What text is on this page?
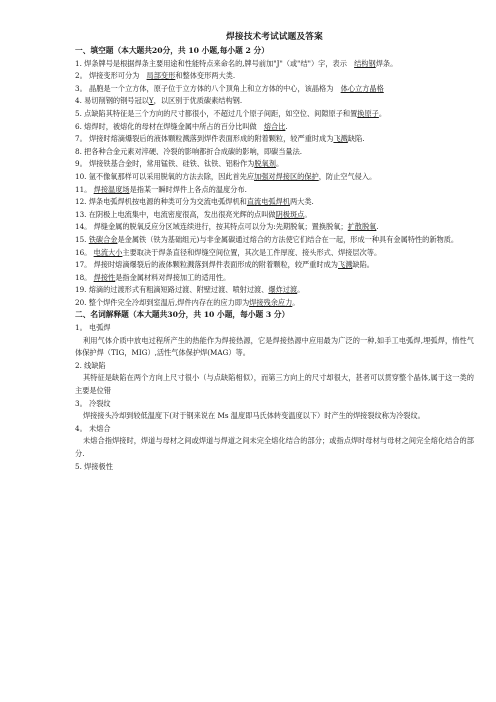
焊接技术考试试题及答案
一、填空题（本大题共20分，共 10 小题,每小题 2 分）
1. 焊条牌号是根据焊条主要用途和性能特点来命名的,牌号前加"J"（或"结"）字，表示　结构钢焊条。
2。 焊接变形可分为　局部变形和整体变形两大类.
3。 晶胞是一个立方体，原子位于立方体的八个顶角上和立方体的中心，该晶格为　体心立方晶格
4. 易切削钢的钢号冠以Y，以区别于优质碳素结构钢.
5. 点缺陷其特征是三个方向的尺寸都很小，不超过几个原子间距，如空位、间隙原子和置换原子。
6. 熔焊时，被熔化的母材在焊缝金属中所占的百分比叫做　熔合比.
7。 焊接时熔滴爆裂后的液体颗粒溅落到焊件表面形成的附着颗粒，较严重时成为飞溅缺陷.
8. 把各种合金元素对淬硬、冷裂的影响都折合成碳的影响，即碳当量法.
9。 焊接铁基合金时，常用锰铁、硅铁、钛铁、铝粉作为脱氧剂。
10. 氩不像氧那样可以采用脱氧的方法去除，因此首先应加强对焊接区的保护，防止空气侵入。
11。 焊接温度场是指某一瞬时焊件上各点的温度分布.
12. 焊条电弧焊机按电源的种类可分为交流电弧焊机和直流电弧焊机两大类.
13. 在阴极上电流集中，电流密度很高，发出很亮光辉的点叫做阴极斑点。
14。 焊缝金属的脱氧反应分区域连续进行，按其特点可以分为:先期脱氧；置换脱氧；扩散脱氧.
15. 铁碳合金是金属铁（铁为基础组元)与非金属碳通过熔合的方法使它们结合在一起，形成一种具有金属特性的新物质。
16。 电流大小主要取决于焊条直径和焊缝空间位置，其次是工件厚度、接头形式、焊接层次等。
17。 焊接时熔滴爆裂后的液体颗粒溅落到焊件表面形成的附着颗粒，较严重时成为飞溅缺陷。
18。 焊接性是指金属材料对焊接加工的适用性。
19. 熔滴的过渡形式有粗滴短路过渡、附壁过渡、喷射过渡、爆炸过渡。
20. 整个焊件完全冷却到室温后,焊件内存在的应力即为焊接残余应力。
二、名词解释题（本大题共30分，共 10 小题，每小题 3 分）
1。 电弧焊
利用气体介质中放电过程所产生的热能作为焊接热源，它是焊接热源中应用最为广泛的一种,如手工电弧焊,埋弧焊，惰性气体保护焊（TIG，MIG）,活性气体保护焊(MAG）等。
2. 线缺陷
其特征是缺陷在两个方向上尺寸很小（与点缺陷相似），而第三方向上的尺寸却很大，甚者可以贯穿整个晶体,属于这一类的主要是位错
3。 冷裂纹
焊接接头冷却到较低温度下(对于钢来说在 Ms 温度即马氏体转变温度以下）时产生的焊接裂纹称为冷裂纹。
4。 未熔合
未熔合指焊接时，焊道与母材之间或焊道与焊道之间未完全熔化结合的部分；或指点焊时母材与母材之间完全熔化结合的部分.
5. 焊接极性
